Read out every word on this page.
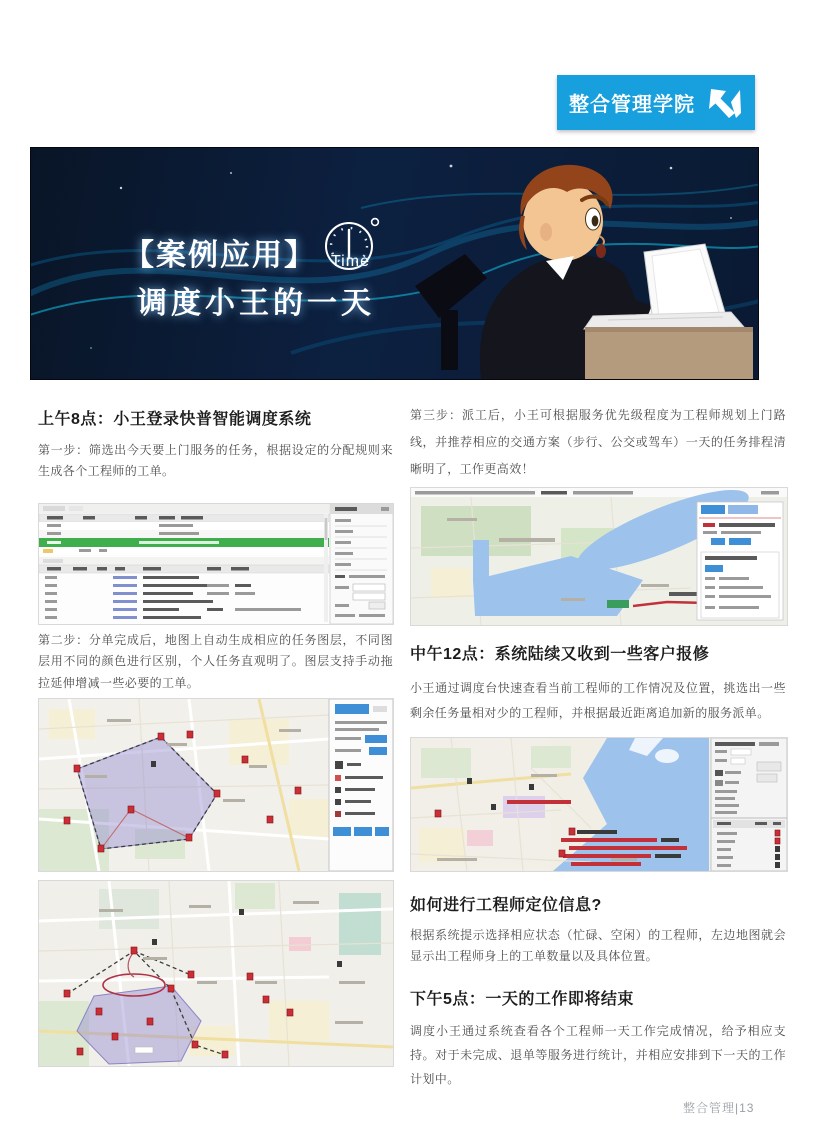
整合管理学院
【案例应用】 Time
调度小王的一天
上午8点：小王登录快普智能调度系统
第一步：筛选出今天要上门服务的任务，根据设定的分配规则来生成各个工程师的工单。
第二步：分单完成后，地图上自动生成相应的任务图层，不同图层用不同的颜色进行区别，个人任务直观明了。图层支持手动拖拉延伸增减一些必要的工单。
第三步：派工后，小王可根据服务优先级程度为工程师规划上门路线，并推荐相应的交通方案（步行、公交或驾车）一天的任务排程清晰明了，工作更高效！
中午12点：系统陆续又收到一些客户报修
小王通过调度台快速查看当前工程师的工作情况及位置，挑选出一些剩余任务量相对少的工程师，并根据最近距离追加新的服务派单。
如何进行工程师定位信息?
根据系统提示选择相应状态（忙碌、空闲）的工程师，左边地图就会显示出工程师身上的工单数量以及具体位置。
下午5点：一天的工作即将结束
调度小王通过系统查看各个工程师一天工作完成情况，给予相应支持。对于未完成、退单等服务进行统计，并相应安排到下一天的工作计划中。
整合管理|13
